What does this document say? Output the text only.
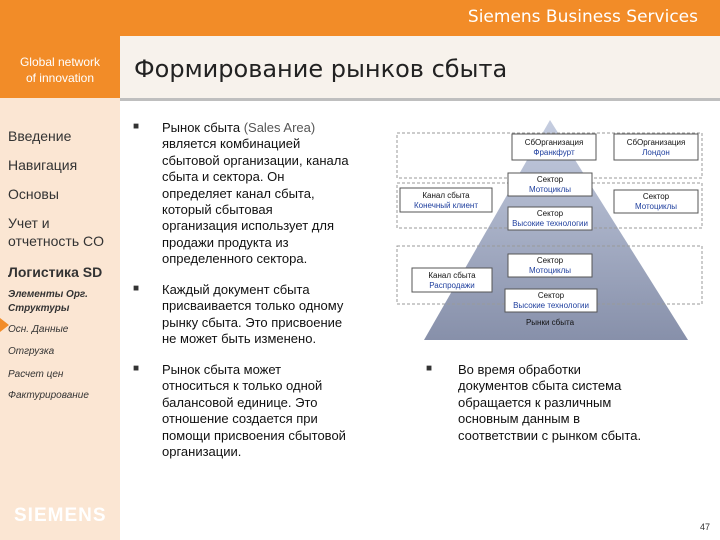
Siemens Business Services
Global network
of innovation	Формирование рынков сбыта
Введение
Навигация
Основы
Учет и
отчетность CO
Логистика SD
Элементы Орг.
Структуры
Осн. Данные
Отгрузка
Расчет цен
Фактурирование
SIEMENS
■ Рынок сбыта (Sales Area)
является комбинацией
сбытовой организации, канала
сбыта и сектора. Он
определяет канал сбыта,
который сбытовая
организация использует для
продажи продукта из
определенного сектора.
■ Каждый документ сбыта
присваивается только одному
рынку сбыта. Это присвоение
не может быть изменено.
■ Рынок сбыта может
относиться к только одной
балансовой единице. Это
отношение создается при
помощи присвоения сбытовой
организации.
■ Во время обработки
документов сбыта система
обращается к различным
основным данным в
соответствии с рынком сбыта.
СбОрганизация
Франкфурт
СбОрганизация
Лондон
Канал сбыта
Конечный клиент
Канал сбыта
Распродажи
Сектор
Мотоциклы
Сектор
Мотоциклы
Сектор
Высокие технологии
Сектор
Мотоциклы
Сектор
Высокие технологии
Рынки сбыта
47
